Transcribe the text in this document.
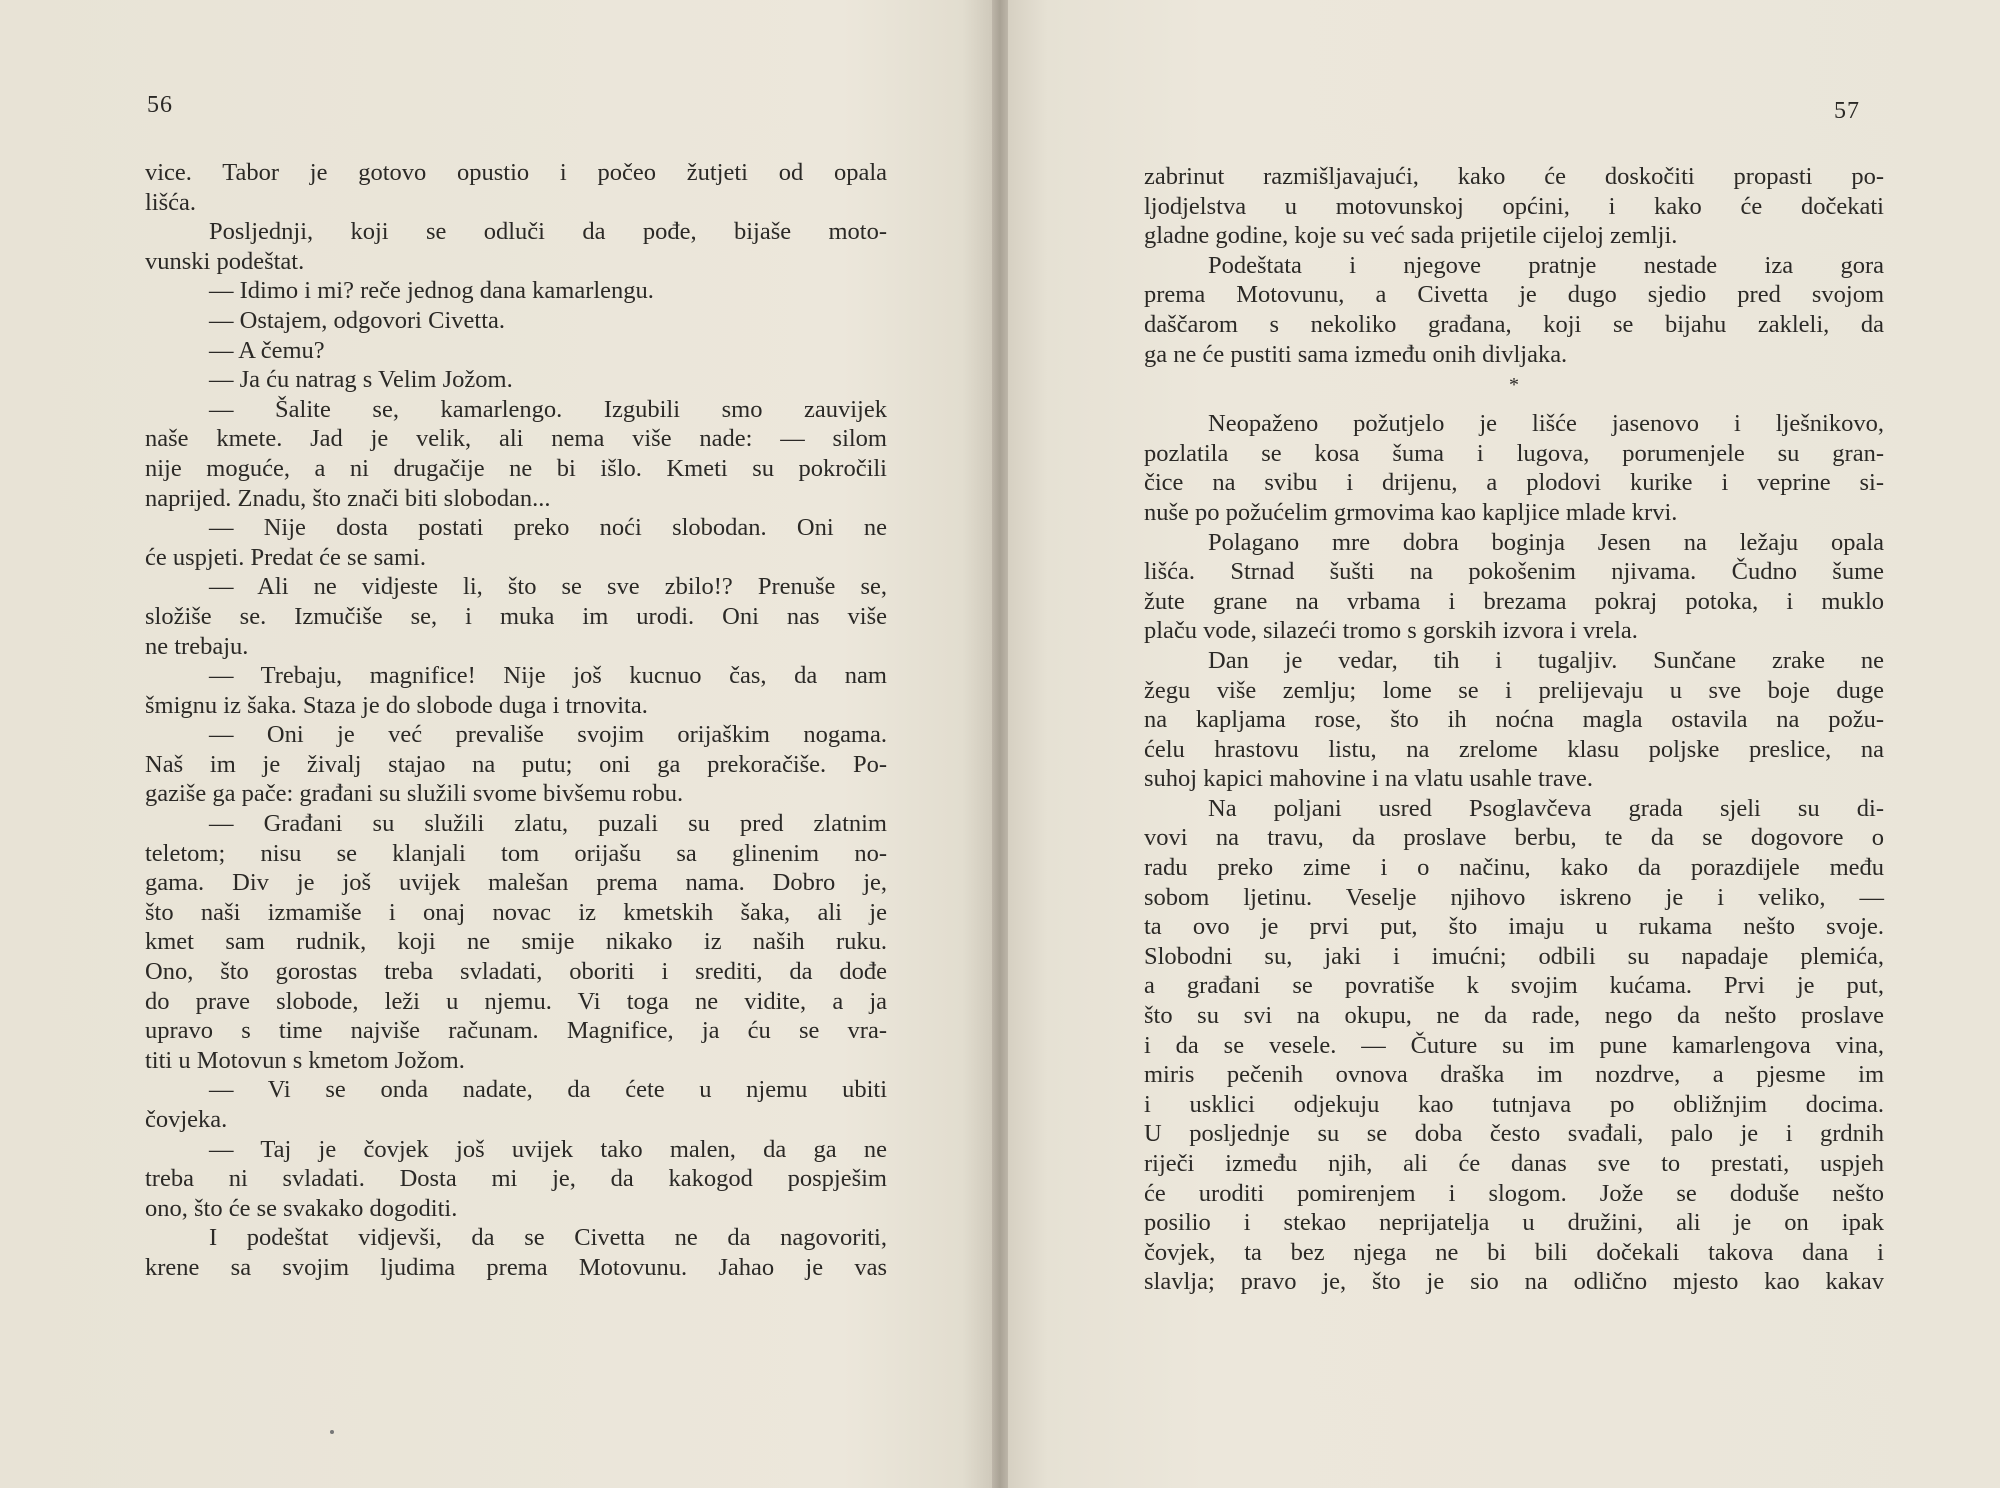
56
vice. Tabor je gotovo opustio i počeo žutjeti od opala
lišća.
Posljednji, koji se odluči da pođe, bijaše moto-
vunski podeštat.
— Idimo i mi? reče jednog dana kamarlengu.
— Ostajem, odgovori Civetta.
— A čemu?
— Ja ću natrag s Velim Jožom.
— Šalite se, kamarlengo. Izgubili smo zauvijek
naše kmete. Jad je velik, ali nema više nade: — silom
nije moguće, a ni drugačije ne bi išlo. Kmeti su pokročili
naprijed. Znadu, što znači biti slobodan...
— Nije dosta postati preko noći slobodan. Oni ne
će uspjeti. Predat će se sami.
— Ali ne vidjeste li, što se sve zbilo!? Prenuše se,
složiše se. Izmučiše se, i muka im urodi. Oni nas više
ne trebaju.
— Trebaju, magnifice! Nije još kucnuo čas, da nam
šmignu iz šaka. Staza je do slobode duga i trnovita.
— Oni je već prevališe svojim orijaškim nogama.
Naš im je živalj stajao na putu; oni ga prekoračiše. Po-
gaziše ga pače: građani su služili svome bivšemu robu.
— Građani su služili zlatu, puzali su pred zlatnim
teletom; nisu se klanjali tom orijašu sa glinenim no-
gama. Div je još uvijek malešan prema nama. Dobro je,
što naši izmamiše i onaj novac iz kmetskih šaka, ali je
kmet sam rudnik, koji ne smije nikako iz naših ruku.
Ono, što gorostas treba svladati, oboriti i srediti, da dođe
do prave slobode, leži u njemu. Vi toga ne vidite, a ja
upravo s time najviše računam. Magnifice, ja ću se vra-
titi u Motovun s kmetom Jožom.
— Vi se onda nadate, da ćete u njemu ubiti
čovjeka.
— Taj je čovjek još uvijek tako malen, da ga ne
treba ni svladati. Dosta mi je, da kakogod pospješim
ono, što će se svakako dogoditi.
I podeštat vidjevši, da se Civetta ne da nagovoriti,
krene sa svojim ljudima prema Motovunu. Jahao je vas
57
zabrinut razmišljavajući, kako će doskočiti propasti po-
ljodjelstva u motovunskoj općini, i kako će dočekati
gladne godine, koje su već sada prijetile cijeloj zemlji.
Podeštata i njegove pratnje nestade iza gora
prema Motovunu, a Civetta je dugo sjedio pred svojom
daščarom s nekoliko građana, koji se bijahu zakleli, da
ga ne će pustiti sama između onih divljaka.
*
Neopaženo požutjelo je lišće jasenovo i lješnikovo,
pozlatila se kosa šuma i lugova, porumenjele su gran-
čice na svibu i drijenu, a plodovi kurike i veprine si-
nuše po požućelim grmovima kao kapljice mlade krvi.
Polagano mre dobra boginja Jesen na ležaju opala
lišća. Strnad šušti na pokošenim njivama. Čudno šume
žute grane na vrbama i brezama pokraj potoka, i muklo
plaču vode, silazeći tromo s gorskih izvora i vrela.
Dan je vedar, tih i tugaljiv. Sunčane zrake ne
žegu više zemlju; lome se i prelijevaju u sve boje duge
na kapljama rose, što ih noćna magla ostavila na požu-
ćelu hrastovu listu, na zrelome klasu poljske preslice, na
suhoj kapici mahovine i na vlatu usahle trave.
Na poljani usred Psoglavčeva grada sjeli su di-
vovi na travu, da proslave berbu, te da se dogovore o
radu preko zime i o načinu, kako da porazdijele među
sobom ljetinu. Veselje njihovo iskreno je i veliko, —
ta ovo je prvi put, što imaju u rukama nešto svoje.
Slobodni su, jaki i imućni; odbili su napadaje plemića,
a građani se povratiše k svojim kućama. Prvi je put,
što su svi na okupu, ne da rade, nego da nešto proslave
i da se vesele. — Čuture su im pune kamarlengova vina,
miris pečenih ovnova draška im nozdrve, a pjesme im
i usklici odjekuju kao tutnjava po obližnjim docima.
U posljednje su se doba često svađali, palo je i grdnih
riječi između njih, ali će danas sve to prestati, uspjeh
će uroditi pomirenjem i slogom. Jože se doduše nešto
posilio i stekao neprijatelja u družini, ali je on ipak
čovjek, ta bez njega ne bi bili dočekali takova dana i
slavlja; pravo je, što je sio na odlično mjesto kao kakav
